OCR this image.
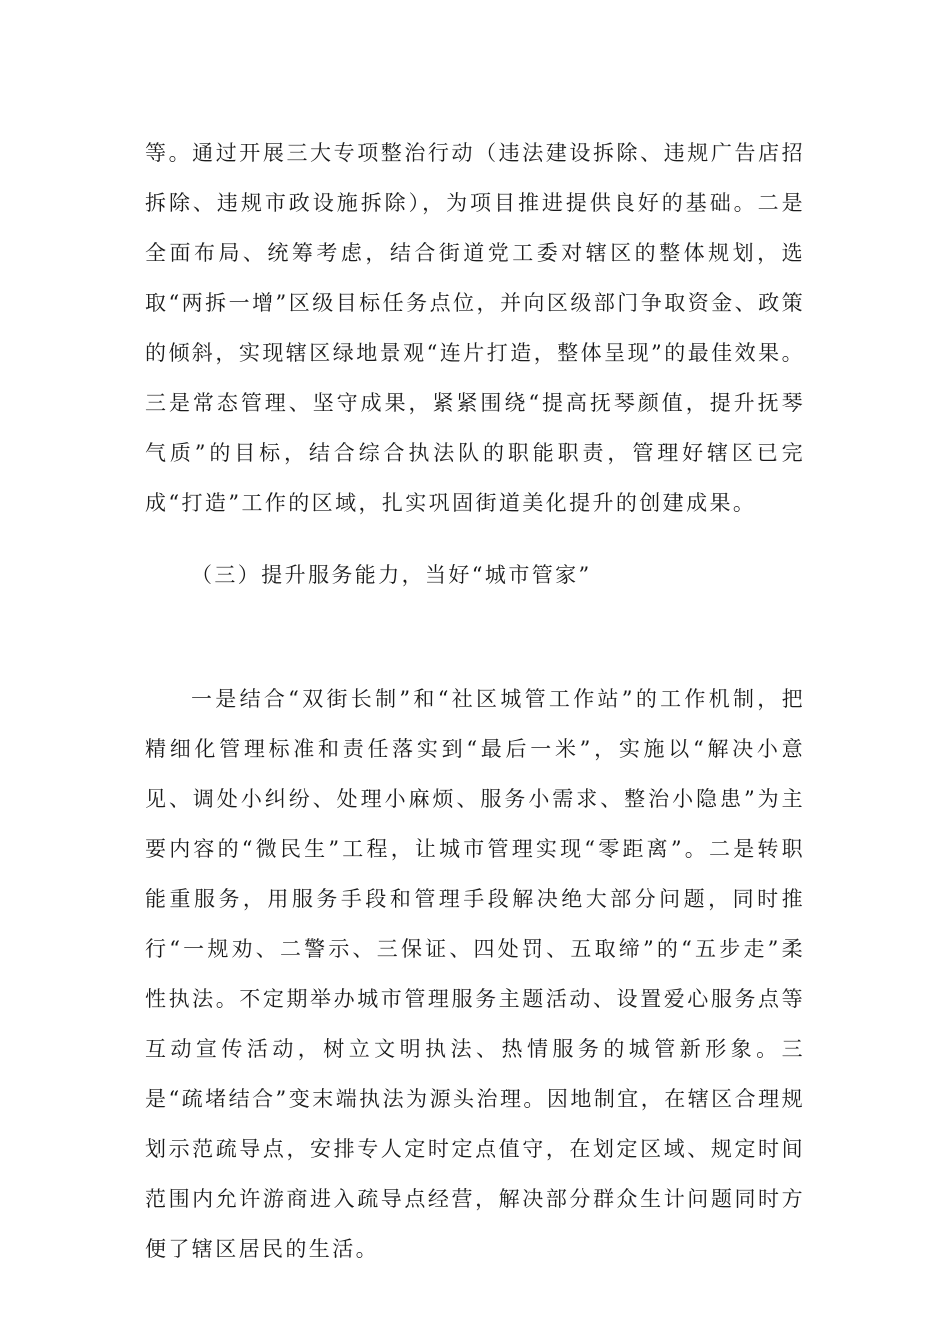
等。通过开展三大专项整治行动（违法建设拆除、违规广告店招拆除、违规市政设施拆除），为项目推进提供良好的基础。二是全面布局、统筹考虑，结合街道党工委对辖区的整体规划，选取“两拆一增”区级目标任务点位，并向区级部门争取资金、政策的倾斜，实现辖区绿地景观“连片打造，整体呈现”的最佳效果。三是常态管理、坚守成果，紧紧围绕“提高抚琴颜值，提升抚琴气质”的目标，结合综合执法队的职能职责，管理好辖区已完成“打造”工作的区域，扎实巩固街道美化提升的创建成果。

（三）提升服务能力，当好“城市管家”

一是结合“双街长制”和“社区城管工作站”的工作机制，把精细化管理标准和责任落实到“最后一米”，实施以“解决小意见、调处小纠纷、处理小麻烦、服务小需求、整治小隐患”为主要内容的“微民生”工程，让城市管理实现“零距离”。二是转职能重服务，用服务手段和管理手段解决绝大部分问题，同时推行“一规劝、二警示、三保证、四处罚、五取缔”的“五步走”柔性执法。不定期举办城市管理服务主题活动、设置爱心服务点等互动宣传活动，树立文明执法、热情服务的城管新形象。三是“疏堵结合”变末端执法为源头治理。因地制宜，在辖区合理规划示范疏导点，安排专人定时定点值守，在划定区域、规定时间范围内允许游商进入疏导点经营，解决部分群众生计问题同时方便了辖区居民的生活。
